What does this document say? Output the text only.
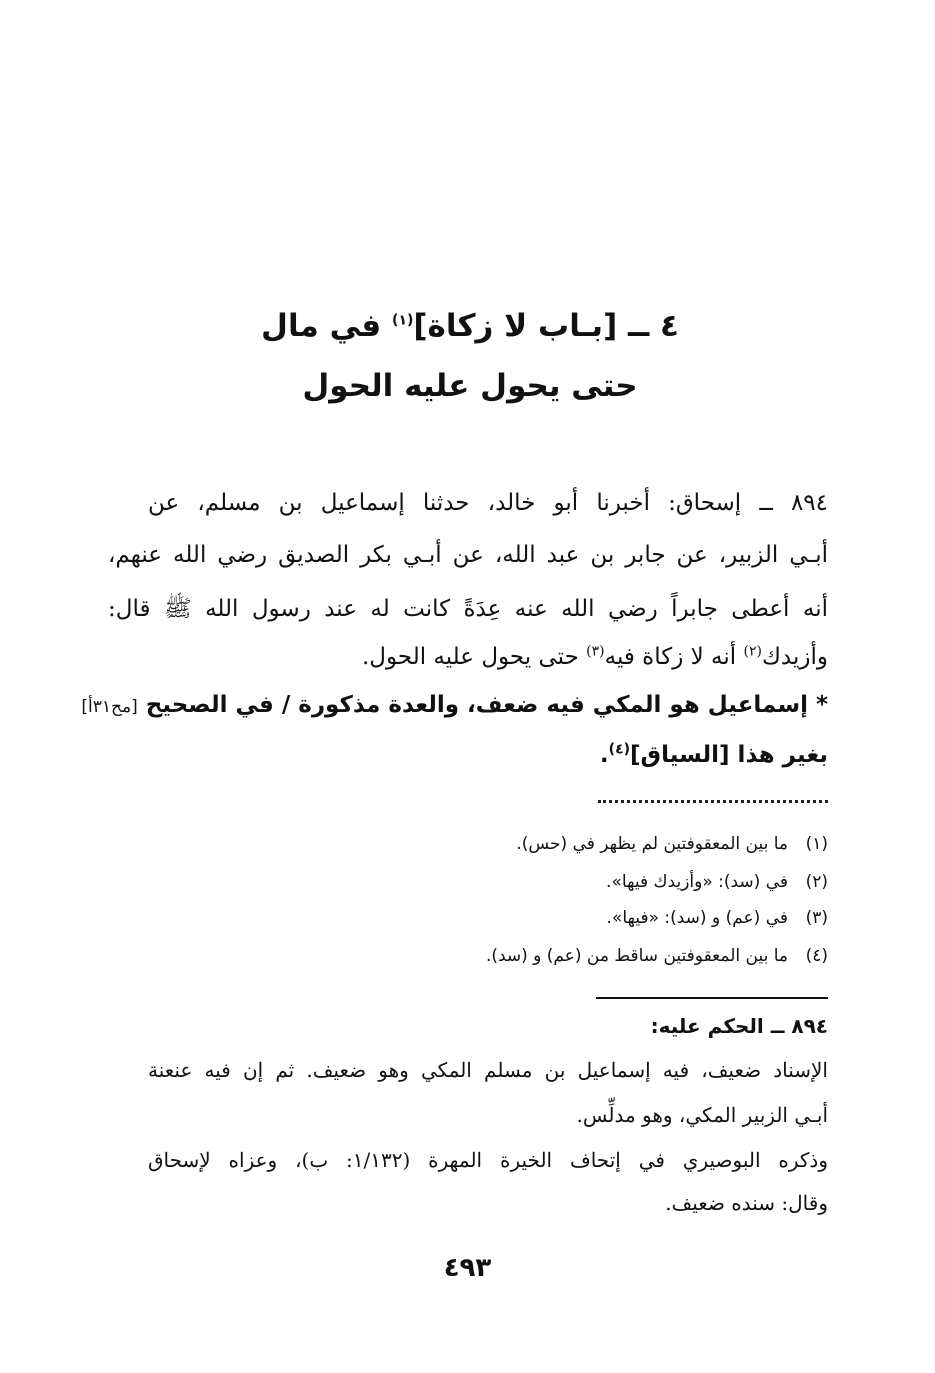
٤ ــ [بـاب لا زكاة]$^{(١)}$ في مال
حتى يحول عليه الحول
٨٩٤ ــ إسحاق: أخبرنا أبو خالد، حدثنا إسماعيل بن مسلم، عن
أبـي الزبير، عن جابر بن عبد الله، عن أبـي بكر الصديق رضي الله عنهم،
أنه أعطى جابراً رضي الله عنه عِدَةً كانت له عند رسول الله ﷺ قال:
وأزيدك$^{(٢)}$ أنه لا زكاة فيه$^{(٣)}$ حتى يحول عليه الحول.
* إسماعيل هو المكي فيه ضعف، والعدة مذكورة / في الصحيح [مح٣١أ]
بغير هذا [السياق]$^{(٤)}$.
(١)ما بين المعقوفتين لم يظهر في (حس).
(٢)في (سد): «وأزيدك فيها».
(٣)في (عم) و (سد): «فيها».
(٤)ما بين المعقوفتين ساقط من (عم) و (سد).
٨٩٤ ــ الحكم عليه:
الإسناد ضعيف، فيه إسماعيل بن مسلم المكي وهو ضعيف. ثم إن فيه عنعنة
أبـي الزبير المكي، وهو مدلِّس.
وذكره البوصيري في إتحاف الخيرة المهرة (١/١٣٢: ب)، وعزاه لإسحاق
وقال: سنده ضعيف.
٤٩٣
